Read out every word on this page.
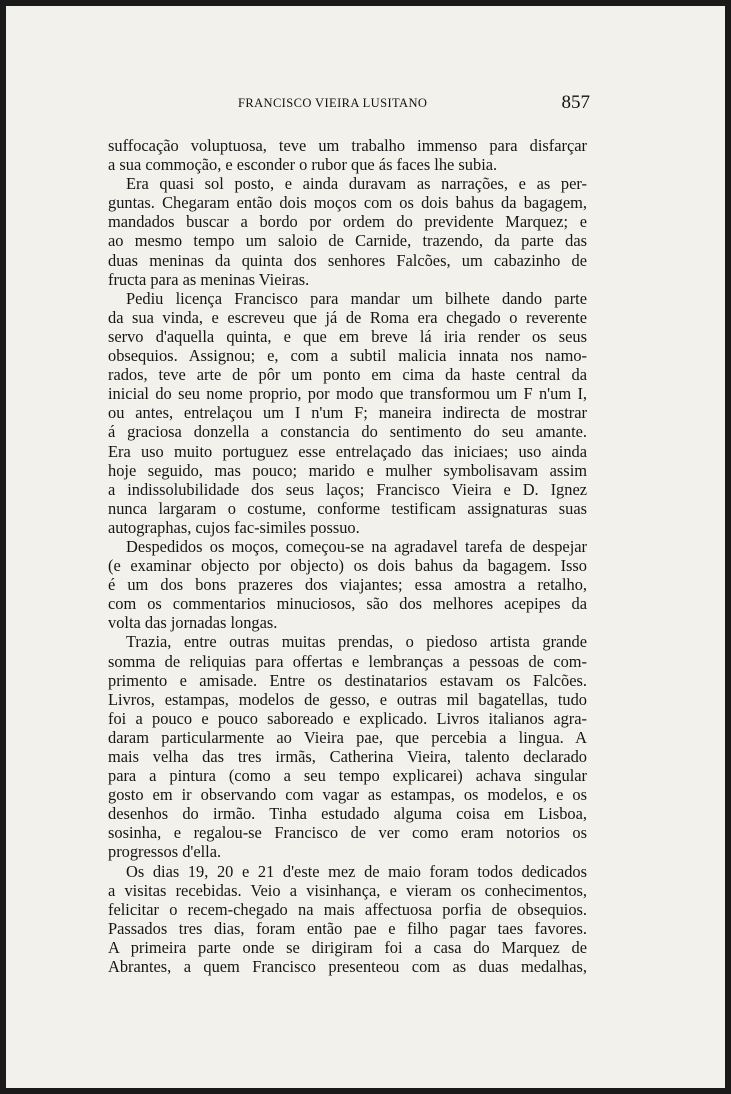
FRANCISCO VIEIRA LUSITANO	857
suffocação voluptuosa, teve um trabalho immenso para disfarçar
a sua commoção, e esconder o rubor que ás faces lhe subia.
Era quasi sol posto, e ainda duravam as narrações, e as per-
guntas. Chegaram então dois moços com os dois bahus da bagagem,
mandados buscar a bordo por ordem do previdente Marquez; e
ao mesmo tempo um saloio de Carnide, trazendo, da parte das
duas meninas da quinta dos senhores Falcões, um cabazinho de
fructa para as meninas Vieiras.
Pediu licença Francisco para mandar um bilhete dando parte
da sua vinda, e escreveu que já de Roma era chegado o reverente
servo d'aquella quinta, e que em breve lá iria render os seus
obsequios. Assignou; e, com a subtil malicia innata nos namo-
rados, teve arte de pôr um ponto em cima da haste central da
inicial do seu nome proprio, por modo que transformou um F n'um I,
ou antes, entrelaçou um I n'um F; maneira indirecta de mostrar
á graciosa donzella a constancia do sentimento do seu amante.
Era uso muito portuguez esse entrelaçado das iniciaes; uso ainda
hoje seguido, mas pouco; marido e mulher symbolisavam assim
a indissolubilidade dos seus laços; Francisco Vieira e D. Ignez
nunca largaram o costume, conforme testificam assignaturas suas
autographas, cujos fac-similes possuo.
Despedidos os moços, começou-se na agradavel tarefa de despejar
(e examinar objecto por objecto) os dois bahus da bagagem. Isso
é um dos bons prazeres dos viajantes; essa amostra a retalho,
com os commentarios minuciosos, são dos melhores acepipes da
volta das jornadas longas.
Trazia, entre outras muitas prendas, o piedoso artista grande
somma de reliquias para offertas e lembranças a pessoas de com-
primento e amisade. Entre os destinatarios estavam os Falcões.
Livros, estampas, modelos de gesso, e outras mil bagatellas, tudo
foi a pouco e pouco saboreado e explicado. Livros italianos agra-
daram particularmente ao Vieira pae, que percebia a lingua. A
mais velha das tres irmãs, Catherina Vieira, talento declarado
para a pintura (como a seu tempo explicarei) achava singular
gosto em ir observando com vagar as estampas, os modelos, e os
desenhos do irmão. Tinha estudado alguma coisa em Lisboa,
sosinha, e regalou-se Francisco de ver como eram notorios os
progressos d'ella.
Os dias 19, 20 e 21 d'este mez de maio foram todos dedicados
a visitas recebidas. Veio a visinhança, e vieram os conhecimentos,
felicitar o recem-chegado na mais affectuosa porfia de obsequios.
Passados tres dias, foram então pae e filho pagar taes favores.
A primeira parte onde se dirigiram foi a casa do Marquez de
Abrantes, a quem Francisco presenteou com as duas medalhas,
